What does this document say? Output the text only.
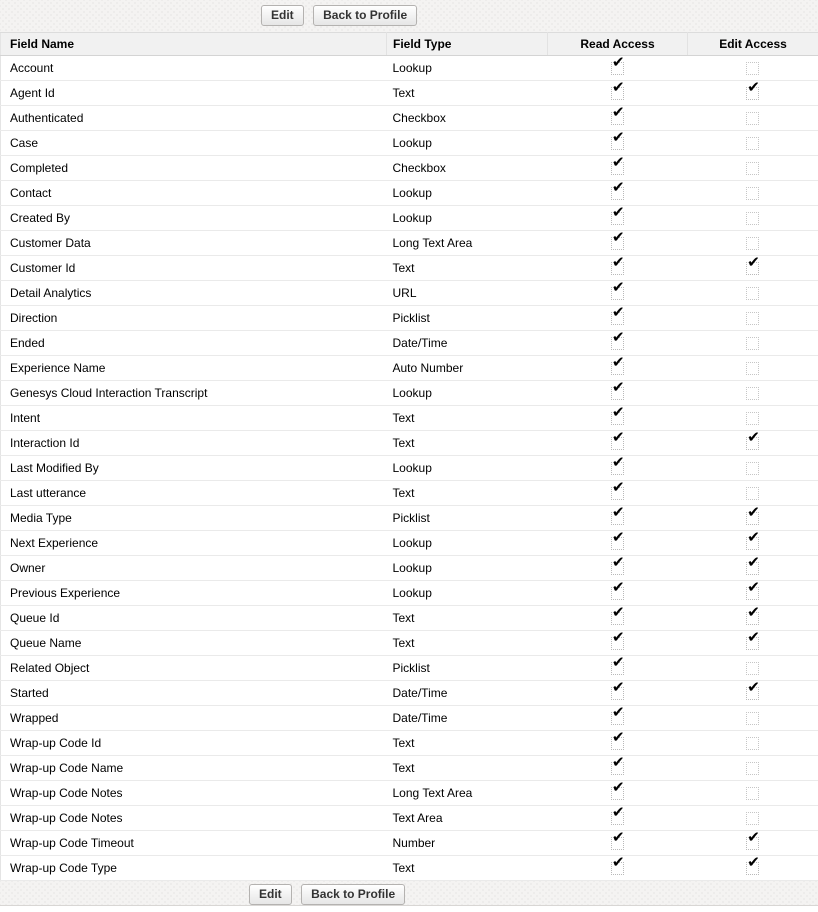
Edit Back to Profile
Field Name	Field Type	Read Access	Edit Access
Account	Lookup	✔	
Agent Id	Text	✔	✔
Authenticated	Checkbox	✔	
Case	Lookup	✔	
Completed	Checkbox	✔	
Contact	Lookup	✔	
Created By	Lookup	✔	
Customer Data	Long Text Area	✔	
Customer Id	Text	✔	✔
Detail Analytics	URL	✔	
Direction	Picklist	✔	
Ended	Date/Time	✔	
Experience Name	Auto Number	✔	
Genesys Cloud Interaction Transcript	Lookup	✔	
Intent	Text	✔	
Interaction Id	Text	✔	✔
Last Modified By	Lookup	✔	
Last utterance	Text	✔	
Media Type	Picklist	✔	✔
Next Experience	Lookup	✔	✔
Owner	Lookup	✔	✔
Previous Experience	Lookup	✔	✔
Queue Id	Text	✔	✔
Queue Name	Text	✔	✔
Related Object	Picklist	✔	
Started	Date/Time	✔	✔
Wrapped	Date/Time	✔	
Wrap-up Code Id	Text	✔	
Wrap-up Code Name	Text	✔	
Wrap-up Code Notes	Long Text Area	✔	
Wrap-up Code Notes	Text Area	✔	
Wrap-up Code Timeout	Number	✔	✔
Wrap-up Code Type	Text	✔	✔
Edit Back to Profile
